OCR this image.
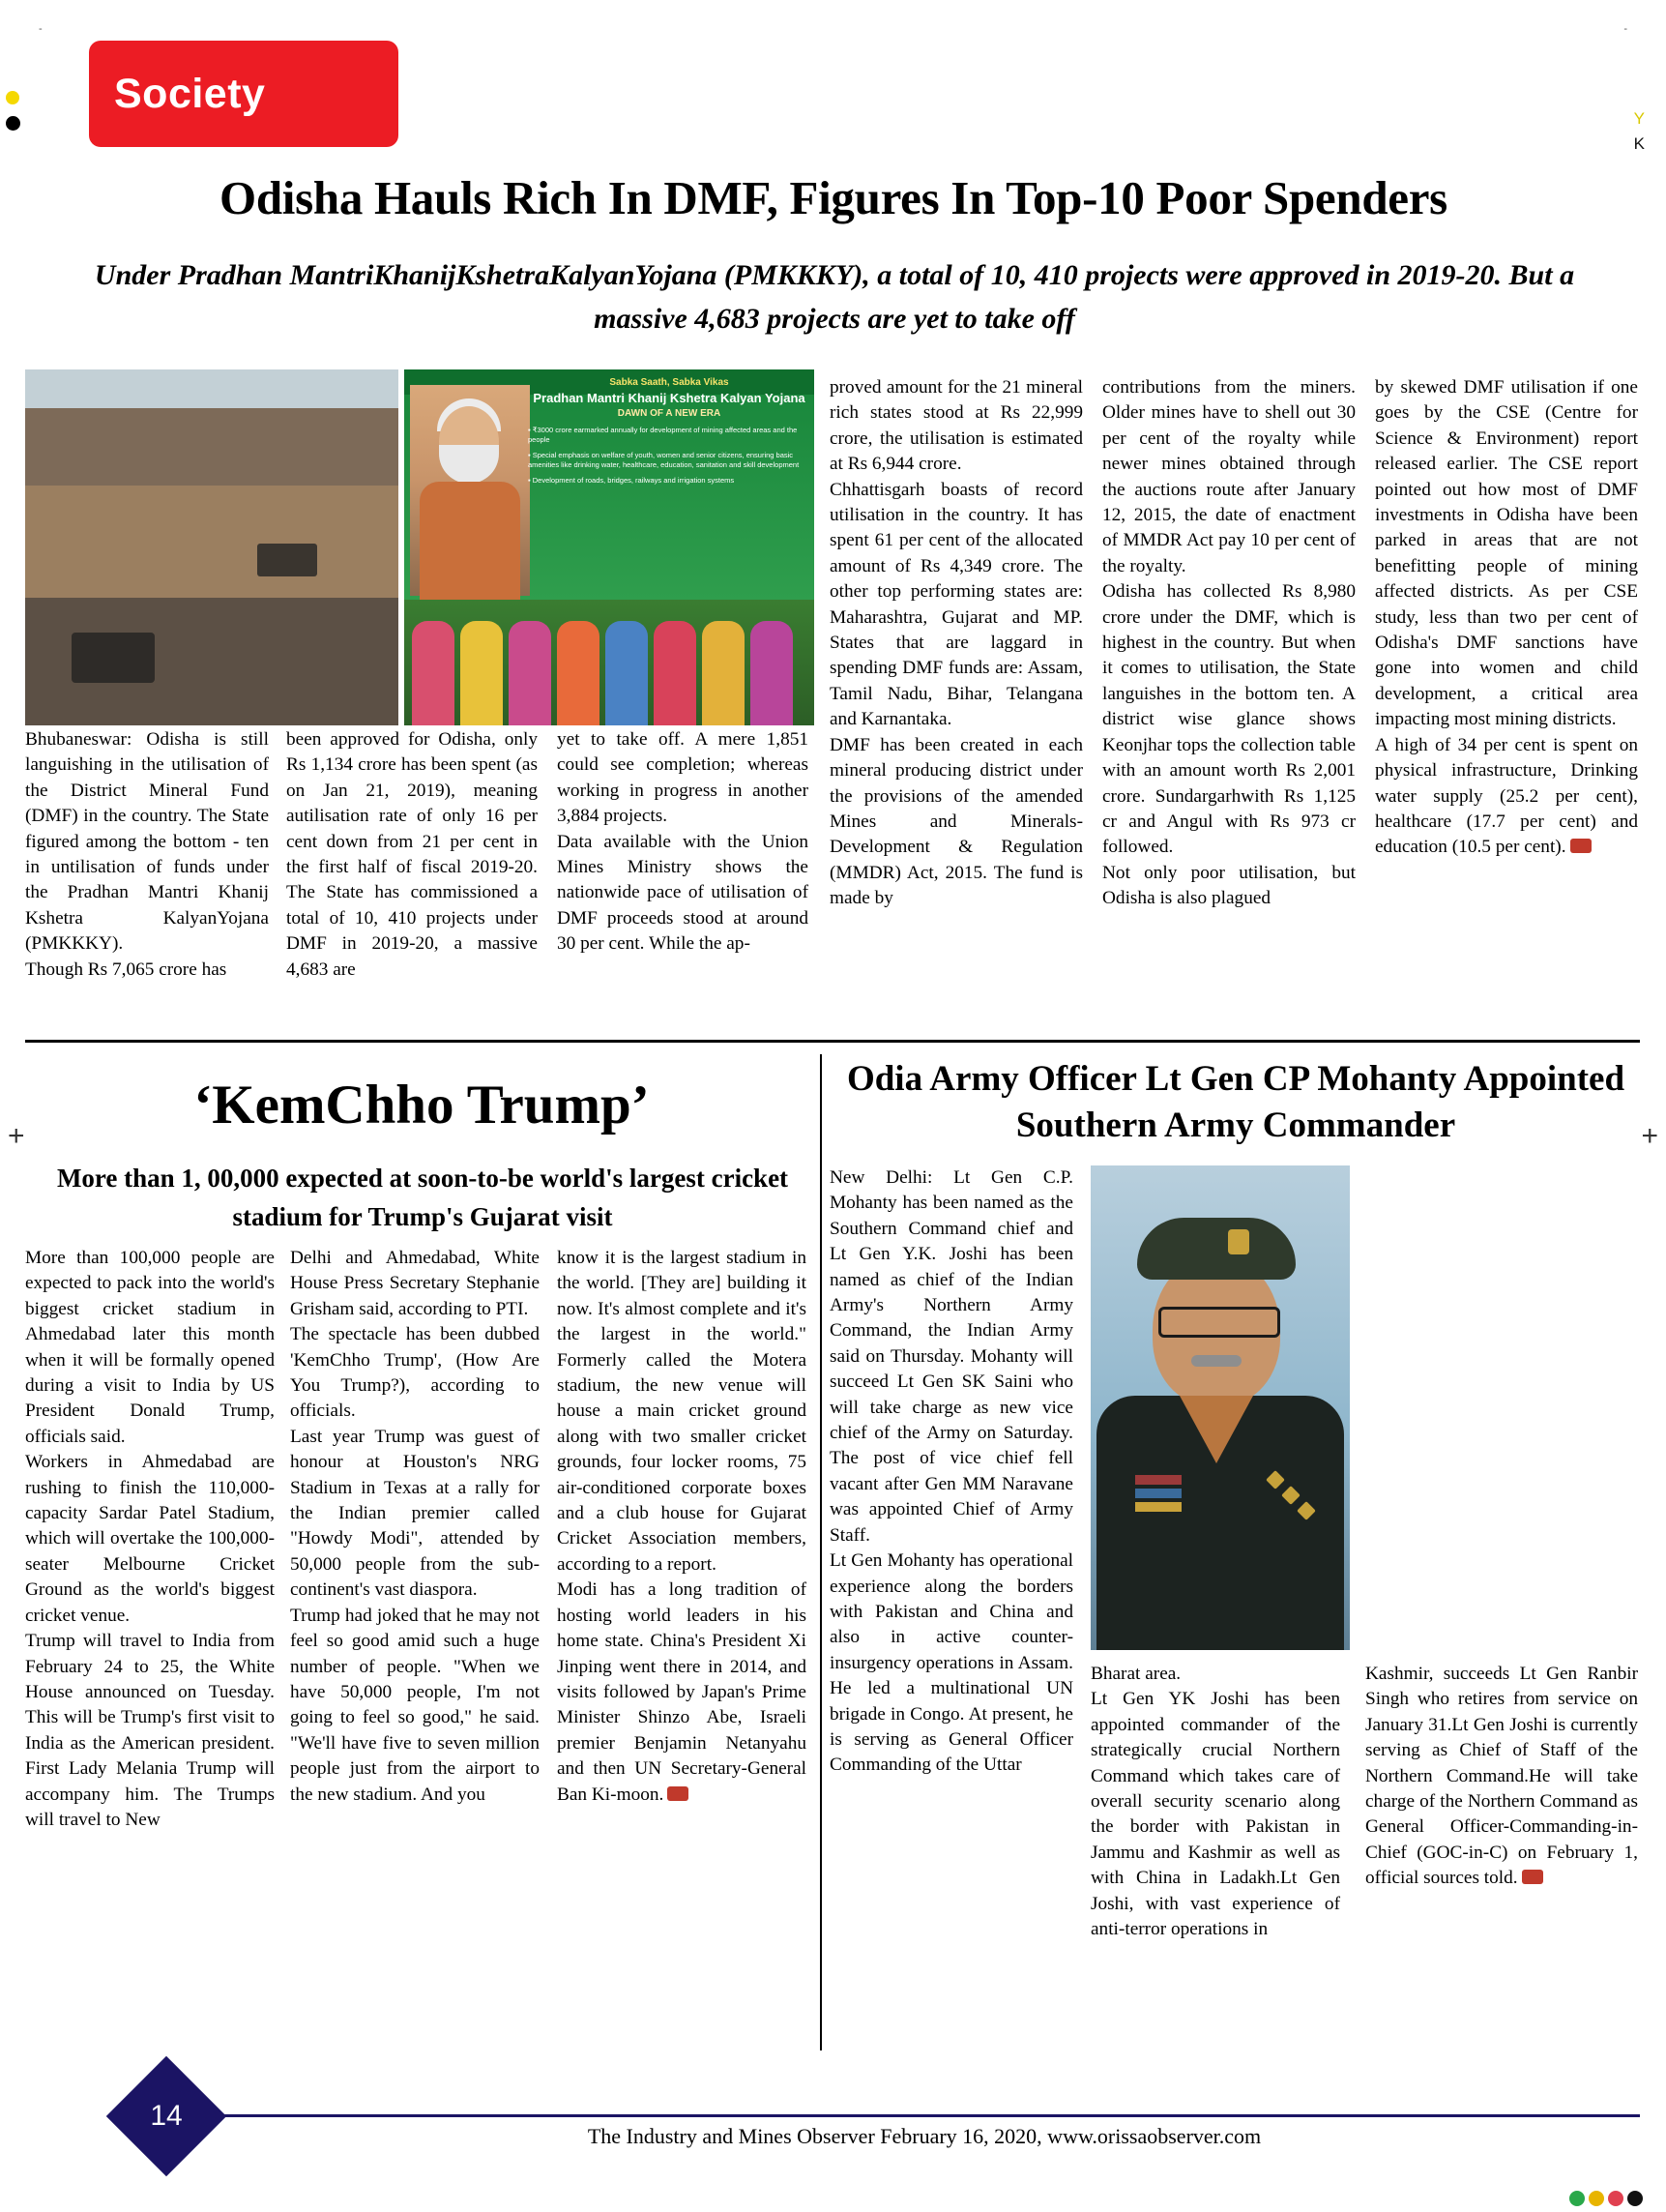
-	-
Y
K
+	+
Society
Odisha Hauls Rich In DMF, Figures In Top-10 Poor Spenders
Under Pradhan MantriKhanijKshetraKalyanYojana (PMKKKY), a total of 10, 410 projects were approved in 2019-20. But a massive 4,683 projects are yet to take off
Sabka Saath, Sabka Vikas
Pradhan Mantri Khanij Kshetra Kalyan Yojana
DAWN OF A NEW ERA
▪ ₹3000 crore earmarked annually for development of mining affected areas and the people
▪ Special emphasis on welfare of youth, women and senior citizens, ensuring basic amenities like drinking water, healthcare, education, sanitation and skill development
▪ Development of roads, bridges, railways and irrigation systems

Bhubaneswar: Odisha is still languishing in the utilisation of the District Mineral Fund (DMF) in the country. The State figured among the bottom - ten in untilisation of funds under the Pradhan Mantri Khanij Kshetra KalyanYojana (PMKKKY).

Though Rs 7,065 crore has

been approved for Odisha, only Rs 1,134 crore has been spent (as on Jan 21, 2019), meaning autilisation rate of only 16 per cent down from 21 per cent in the first half of fiscal 2019-20. The State has commissioned a total of 10, 410 projects under DMF in 2019-20, a massive 4,683 are

yet to take off. A mere 1,851 could see completion; whereas working in progress in another 3,884 projects.

Data available with the Union Mines Ministry shows the nationwide pace of utilisation of DMF proceeds stood at around 30 per cent. While the ap-

proved amount for the 21 mineral rich states stood at Rs 22,999 crore, the utilisation is estimated at Rs 6,944 crore.

Chhattisgarh boasts of record utilisation in the country. It has spent 61 per cent of the allocated amount of Rs 4,349 crore. The other top performing states are: Maharashtra, Gujarat and MP. States that are laggard in spending DMF funds are: Assam, Tamil Nadu, Bihar, Telangana and Karnantaka.

DMF has been created in each mineral producing district under the provisions of the amended Mines and Minerals- Development & Regulation (MMDR) Act, 2015. The fund is made by

contributions from the miners. Older mines have to shell out 30 per cent of the royalty while newer mines obtained through the auctions route after January 12, 2015, the date of enactment of MMDR Act pay 10 per cent of the royalty.

Odisha has collected Rs 8,980 crore under the DMF, which is highest in the country. But when it comes to utilisation, the State languishes in the bottom ten. A district wise glance shows Keonjhar tops the collection table with an amount worth Rs 2,001 crore. Sundargarhwith Rs 1,125 cr and Angul with Rs 973 cr followed.

Not only poor utilisation, but Odisha is also plagued

by skewed DMF utilisation if one goes by the CSE (Centre for Science & Environment) report released earlier. The CSE report pointed out how most of DMF investments in Odisha have been parked in areas that are not benefitting people of mining affected districts. As per CSE study, less than two per cent of Odisha's DMF sanctions have gone into women and child development, a critical area impacting most mining districts.

A high of 34 per cent is spent on physical infrastructure, Drinking water supply (25.2 per cent), healthcare (17.7 per cent) and education (10.5 per cent).

‘KemChho Trump’
More than 1, 00,000 expected at soon-to-be world's largest cricket stadium for Trump's Gujarat visit

More than 100,000 people are expected to pack into the world's biggest cricket stadium in Ahmedabad later this month when it will be formally opened during a visit to India by US President Donald Trump, officials said.

Workers in Ahmedabad are rushing to finish the 110,000-capacity Sardar Patel Stadium, which will overtake the 100,000-seater Melbourne Cricket Ground as the world's biggest cricket venue.

Trump will travel to India from February 24 to 25, the White House announced on Tuesday. This will be Trump's first visit to India as the American president. First Lady Melania Trump will accompany him. The Trumps will travel to New

Delhi and Ahmedabad, White House Press Secretary Stephanie Grisham said, according to PTI.

The spectacle has been dubbed 'KemChho Trump', (How Are You Trump?), according to officials.

Last year Trump was guest of honour at Houston's NRG Stadium in Texas at a rally for the Indian premier called "Howdy Modi", attended by 50,000 people from the sub-continent's vast diaspora.

Trump had joked that he may not feel so good amid such a huge number of people. "When we have 50,000 people, I'm not going to feel so good," he said. "We'll have five to seven million people just from the airport to the new stadium. And you

know it is the largest stadium in the world. [They are] building it now. It's almost complete and it's the largest in the world." Formerly called the Motera stadium, the new venue will house a main cricket ground along with two smaller cricket grounds, four locker rooms, 75 air-conditioned corporate boxes and a club house for Gujarat Cricket Association members, according to a report.

Modi has a long tradition of hosting world leaders in his home state. China's President Xi Jinping went there in 2014, and visits followed by Japan's Prime Minister Shinzo Abe, Israeli premier Benjamin Netanyahu and then UN Secretary-General Ban Ki-moon.

Odia Army Officer Lt Gen CP Mohanty Appointed Southern Army Commander

New Delhi: Lt Gen C.P. Mohanty has been named as the Southern Command chief and Lt Gen Y.K. Joshi has been named as chief of the Indian Army's Northern Army Command, the Indian Army said on Thursday. Mohanty will succeed Lt Gen SK Saini who will take charge as new vice chief of the Army on Saturday. The post of vice chief fell vacant after Gen MM Naravane was appointed Chief of Army Staff.

Lt Gen Mohanty has operational experience along the borders with Pakistan and China and also in active counter-insurgency operations in Assam. He led a multinational UN brigade in Congo. At present, he is serving as General Officer Commanding of the Uttar

Bharat area.

Lt Gen YK Joshi has been appointed commander of the strategically crucial Northern Command which takes care of overall security scenario along the border with Pakistan in Jammu and Kashmir as well as with China in Ladakh.Lt Gen Joshi, with vast experience of anti-terror operations in

Kashmir, succeeds Lt Gen Ranbir Singh who retires from service on January 31.Lt Gen Joshi is currently serving as Chief of Staff of the Northern Command.He will take charge of the Northern Command as General Officer-Commanding-in-Chief (GOC-in-C) on February 1, official sources told.
14
The Industry and Mines Observer February 16, 2020, www.orissaobserver.com
